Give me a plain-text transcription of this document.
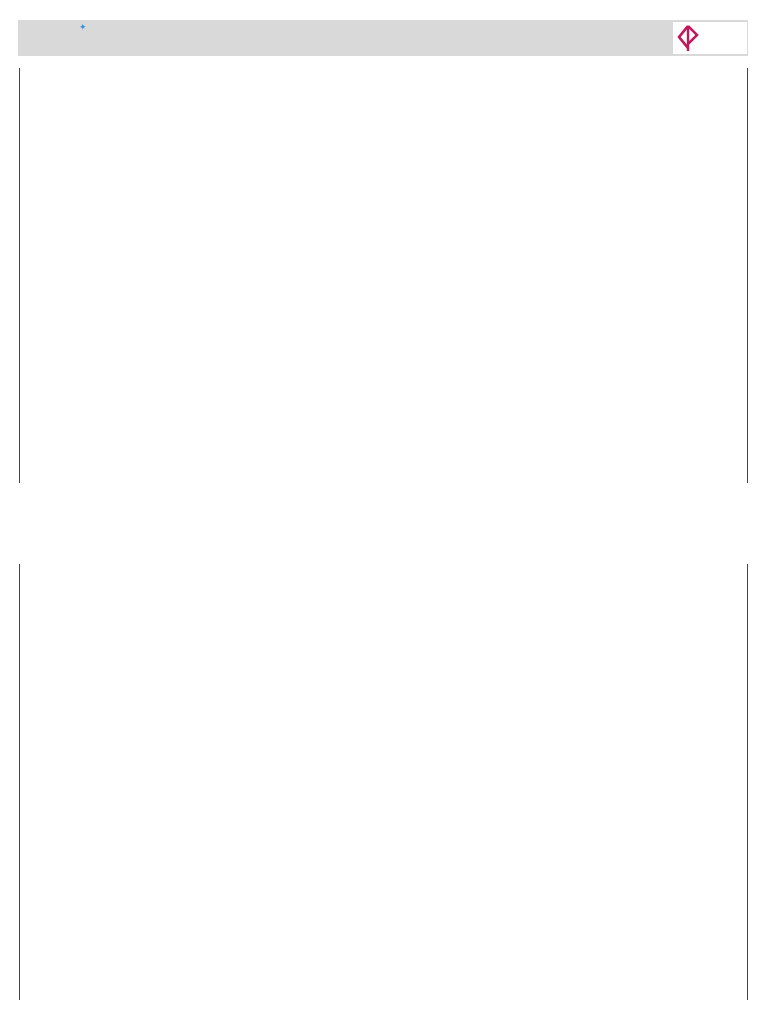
✦
